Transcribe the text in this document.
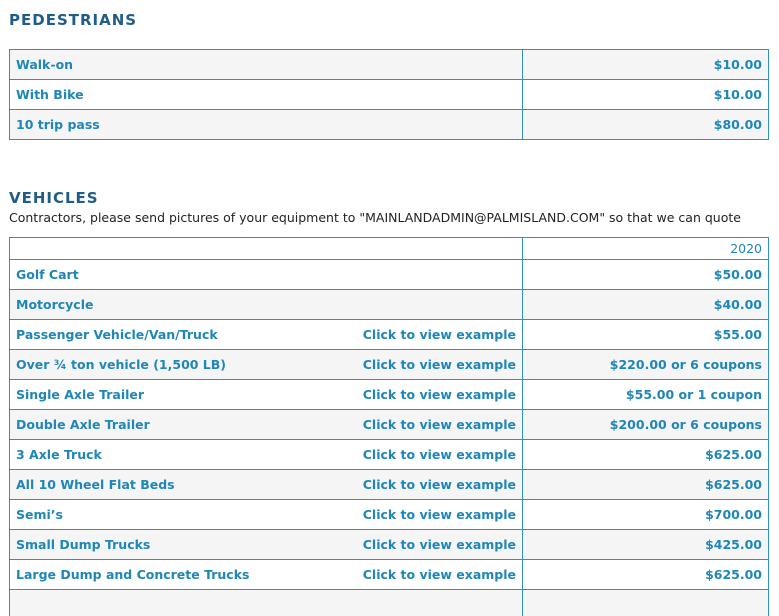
PEDESTRIANS
Walk-on	$10.00
With Bike	$10.00
10 trip pass	$80.00
VEHICLES

Contractors, please send pictures of your equipment to "MAINLANDADMIN@PALMISLAND.COM" so that we can quote

	2020

Golf Cart	$50.00

Motorcycle	$40.00

Passenger Vehicle/Van/Truck Click to view example	$55.00

Over ¾ ton vehicle (1,500 LB) Click to view example	$220.00 or 6 coupons

Single Axle Trailer Click to view example	$55.00 or 1 coupon

Double Axle Trailer Click to view example	$200.00 or 6 coupons

3 Axle Truck Click to view example	$625.00

All 10 Wheel Flat Beds Click to view example	$625.00

Semi’s Click to view example	$700.00

Small Dump Trucks Click to view example	$425.00

Large Dump and Concrete Trucks Click to view example	$625.00
